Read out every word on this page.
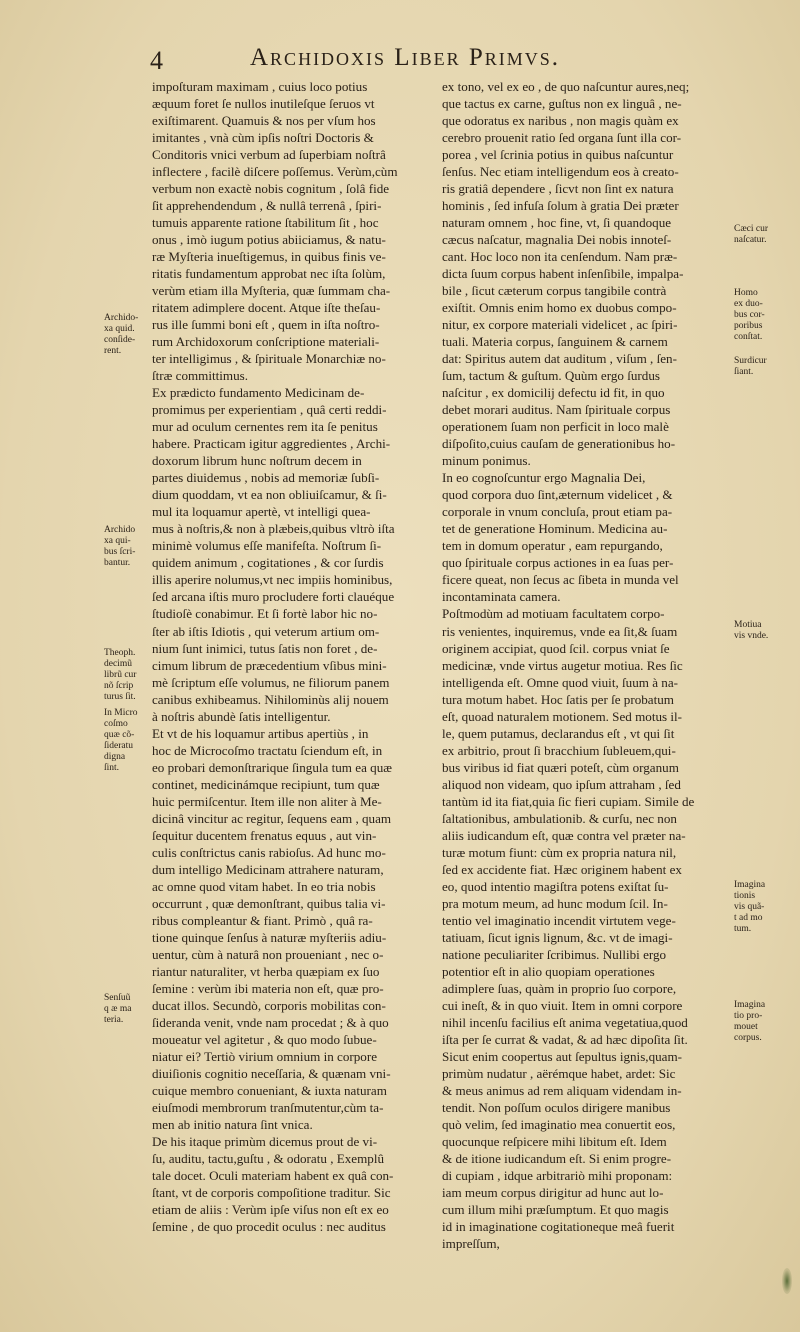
4	Archidoxis Liber Primvs.
impoſturam maximam , cuius loco potius
æquum foret ſe nullos inutileſque ſeruos vt
exiſtimarent. Quamuis & nos per vſum hos
imitantes , vnà cùm ipſis noſtri Doctoris &
Conditoris vnici verbum ad ſuperbiam noſtrâ
inflectere , facilè diſcere poſſemus. Verùm,cùm
verbum non exactè nobis cognitum , ſolâ fide
ſit apprehendendum , & nullâ terrenâ , ſpiri-
tumuis apparente ratione ſtabilitum ſit , hoc
onus , imò iugum potius abiiciamus, & natu-
ræ Myſteria inueſtigemus, in quibus finis ve-
ritatis fundamentum approbat nec iſta ſolùm,
verùm etiam illa Myſteria, quæ ſummam cha-
ritatem adimplere docent. Atque iſte theſau-
rus ille ſummi boni eſt , quem in iſta noſtro-
rum Archidoxorum conſcriptione materiali-
ter intelligimus , & ſpirituale Monarchiæ no-
ſtræ committimus.
Ex prædicto fundamento Medicinam de-
promimus per experientiam , quâ certi reddi-
mur ad oculum cernentes rem ita ſe penitus
habere. Practicam igitur aggredientes , Archi-
doxorum librum hunc noſtrum decem in
partes diuidemus , nobis ad memoriæ ſubſi-
dium quoddam, vt ea non obliuiſcamur, & ſi-
mul ita loquamur apertè, vt intelligi quea-
mus à noſtris,& non à plæbeis,quibus vltrò iſta
minimè volumus eſſe manifeſta. Noſtrum ſi-
quidem animum , cogitationes , & cor ſurdis
illis aperire nolumus,vt nec impiis hominibus,
ſed arcana iſtis muro procludere forti clauéque
ſtudioſè conabimur. Et ſi fortè labor hic no-
ſter ab iſtis Idiotis , qui veterum artium om-
nium ſunt inimici, tutus ſatis non foret , de-
cimum librum de præcedentium vſibus mini-
mè ſcriptum eſſe volumus, ne filiorum panem
canibus exhibeamus. Nihilominùs alij nouem
à noſtris abundè ſatis intelligentur.
Et vt de his loquamur artibus apertiùs , in
hoc de Microcoſmo tractatu ſciendum eſt, in
eo probari demonſtrarique ſingula tum ea quæ
continet, medicinámque recipiunt, tum quæ
huic permiſcentur. Item ille non aliter à Me-
dicinâ vincitur ac regitur, ſequens eam , quam
ſequitur ducentem frenatus equus , aut vin-
culis conſtrictus canis rabioſus. Ad hunc mo-
dum intelligo Medicinam attrahere naturam,
ac omne quod vitam habet. In eo tria nobis
occurrunt , quæ demonſtrant, quibus talia vi-
ribus compleantur & fiant. Primò , quâ ra-
tione quinque ſenſus à naturæ myſteriis adiu-
uentur, cùm à naturâ non proueniant , nec o-
riantur naturaliter, vt herba quæpiam ex ſuo
ſemine : verùm ibi materia non eſt, quæ pro-
ducat illos. Secundò, corporis mobilitas con-
ſideranda venit, vnde nam procedat ; & à quo
moueatur vel agitetur , & quo modo ſubue-
niatur ei? Tertiò virium omnium in corpore
diuiſionis cognitio neceſſaria, & quænam vni-
cuique membro conueniant, & iuxta naturam
eiuſmodi membrorum tranſmutentur,cùm ta-
men ab initio natura ſint vnica.
De his itaque primùm dicemus prout de vi-
ſu, auditu, tactu,guſtu , & odoratu , Exemplû
tale docet. Oculi materiam habent ex quâ con-
ſtant, vt de corporis compoſitione traditur. Sic
etiam de aliis : Verùm ipſe viſus non eſt ex eo
ſemine , de quo procedit oculus : nec auditus
ex tono, vel ex eo , de quo naſcuntur aures,neq;
que tactus ex carne, guſtus non ex linguâ , ne-
que odoratus ex naribus , non magis quàm ex
cerebro prouenit ratio ſed organa ſunt illa cor-
porea , vel ſcrinia potius in quibus naſcuntur
ſenſus. Nec etiam intelligendum eos à creato-
ris gratiâ dependere , ſicvt non ſint ex natura
hominis , ſed infuſa ſolum à gratia Dei præter
naturam omnem , hoc fine, vt, ſi quandoque
cæcus naſcatur, magnalia Dei nobis innoteſ-
cant. Hoc loco non ita cenſendum. Nam præ-
dicta ſuum corpus habent inſenſibile, impalpa-
bile , ſicut cæterum corpus tangibile contrà
exiſtit. Omnis enim homo ex duobus compo-
nitur, ex corpore materiali videlicet , ac ſpiri-
tuali. Materia corpus, ſanguinem & carnem
dat: Spiritus autem dat auditum , viſum , ſen-
ſum, tactum & guſtum. Quùm ergo ſurdus
naſcitur , ex domicilij defectu id fit, in quo
debet morari auditus. Nam ſpirituale corpus
operationem ſuam non perficit in loco malè
diſpoſito,cuius cauſam de generationibus ho-
minum ponimus.
In eo cognoſcuntur ergo Magnalia Dei,
quod corpora duo ſint,æternum videlicet , &
corporale in vnum concluſa, prout etiam pa-
tet de generatione Hominum. Medicina au-
tem in domum operatur , eam repurgando,
quo ſpirituale corpus actiones in ea ſuas per-
ficere queat, non ſecus ac ſibeta in munda vel
incontaminata camera.
Poſtmodùm ad motiuam facultatem corpo-
ris venientes, inquiremus, vnde ea ſit,& ſuam
originem accipiat, quod ſcil. corpus vniat ſe
medicinæ, vnde virtus augetur motiua. Res ſic
intelligenda eſt. Omne quod viuit, ſuum à na-
tura motum habet. Hoc ſatis per ſe probatum
eſt, quoad naturalem motionem. Sed motus il-
le, quem putamus, declarandus eſt , vt qui ſit
ex arbitrio, prout ſi bracchium ſubleuem,qui-
bus viribus id fiat quæri poteſt, cùm organum
aliquod non videam, quo ipſum attraham , ſed
tantùm id ita fiat,quia ſic fieri cupiam. Simile de
ſaltationibus, ambulationib. & curſu, nec non
aliis iudicandum eſt, quæ contra vel præter na-
turæ motum fiunt: cùm ex propria natura nil,
ſed ex accidente fiat. Hæc originem habent ex
eo, quod intentio magiſtra potens exiſtat ſu-
pra motum meum, ad hunc modum ſcil. In-
tentio vel imaginatio incendit virtutem vege-
tatiuam, ſicut ignis lignum, &c. vt de imagi-
natione peculiariter ſcribimus. Nullibi ergo
potentior eſt in alio quopiam operationes
adimplere ſuas, quàm in proprio ſuo corpore,
cui ineſt, & in quo viuit. Item in omni corpore
nihil incenſu facilius eſt anima vegetatiua,quod
iſta per ſe currat & vadat, & ad hæc dipoſita ſit.
Sicut enim coopertus aut ſepultus ignis,quam-
primùm nudatur , aërémque habet, ardet: Sic
& meus animus ad rem aliquam videndam in-
tendit. Non poſſum oculos dirigere manibus
quò velim, ſed imaginatio mea conuertit eos,
quocunque reſpicere mihi libitum eſt. Idem
& de itione iudicandum eſt. Si enim progre-
di cupiam , idque arbitrariò mihi proponam:
iam meum corpus dirigitur ad hunc aut lo-
cum illum mihi præſumptum. Et quo magis
id in imaginatione cogitationeque meâ fuerit
impreſſum,
Archido-
xa quid.
conſide-
rent.
Archido
xa qui-
bus ſcri-
bantur.
Theoph.
decimũ
librũ cur
nõ ſcrip
turus ſit.
In Micro
coſmo
quæ cõ-
ſideratu
digna
ſint.
Senſuũ
q æ ma
teria.
Cæci cur
naſcatur.
Homo
ex duo-
bus cor-
poribus
conſtat.
Surdicur
ſiant.
Motiua
vis vnde.
Imagina
tionis
vis quã-
t ad mo
tum.
Imagina
tio pro-
mouet
corpus.
